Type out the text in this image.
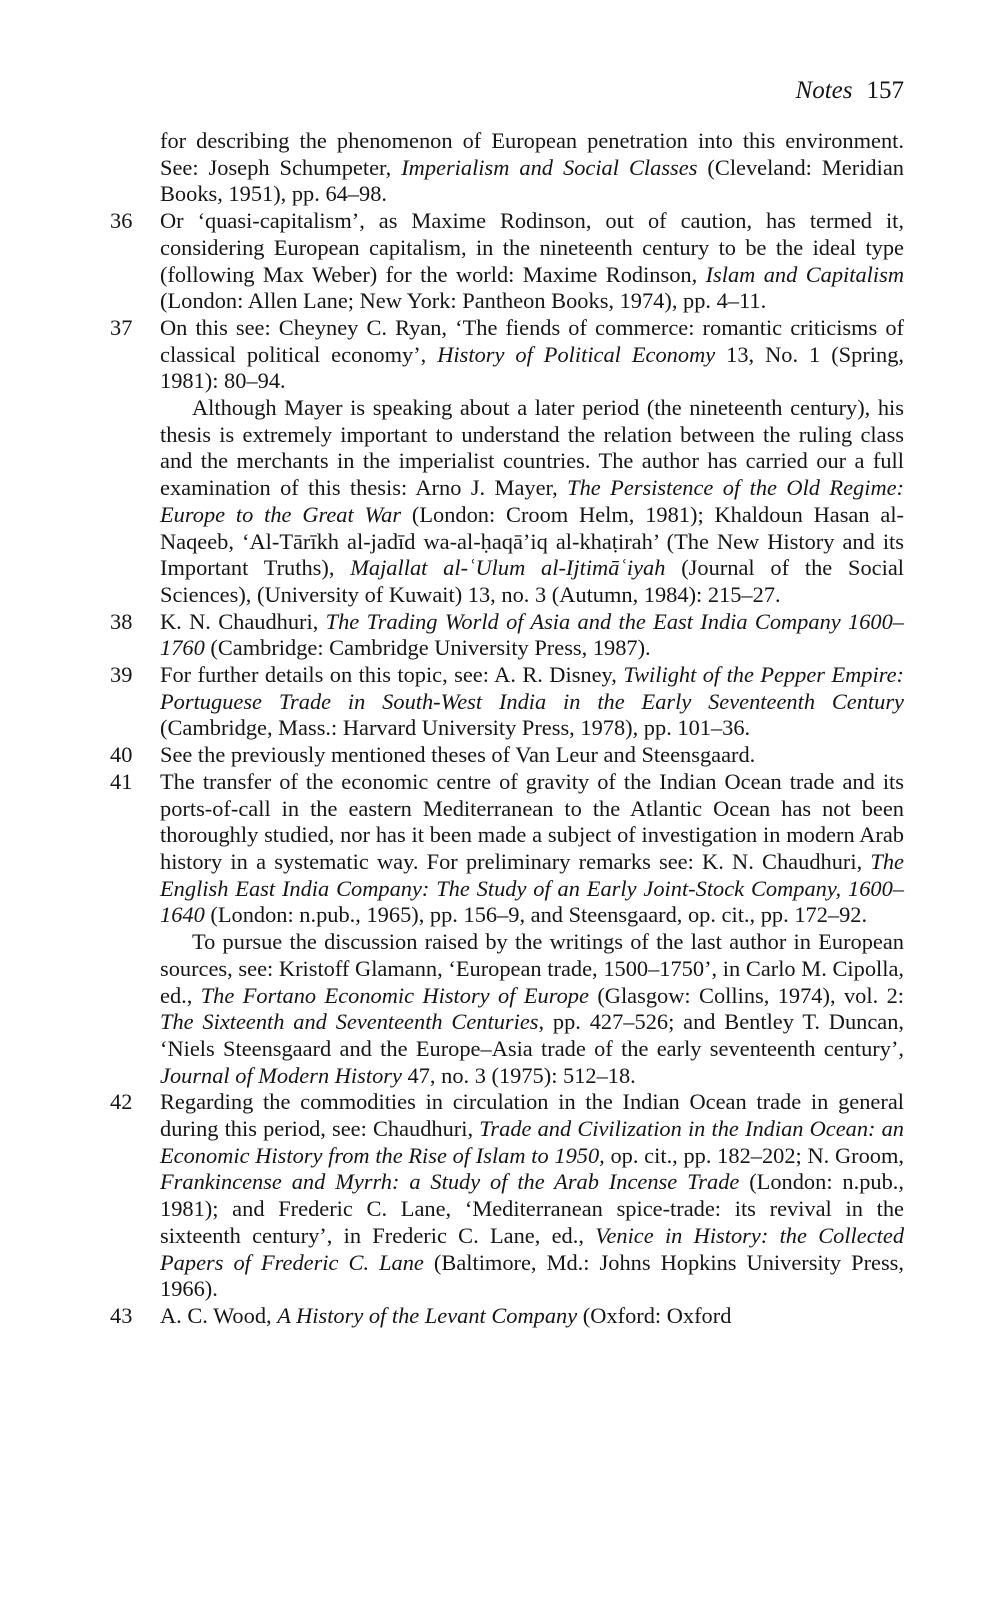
Notes 157
for describing the phenomenon of European penetration into this environment. See: Joseph Schumpeter, Imperialism and Social Classes (Cleveland: Meridian Books, 1951), pp. 64–98.
36	Or ‘quasi-capitalism’, as Maxime Rodinson, out of caution, has termed it, considering European capitalism, in the nineteenth century to be the ideal type (following Max Weber) for the world: Maxime Rodinson, Islam and Capitalism (London: Allen Lane; New York: Pantheon Books, 1974), pp. 4–11.
37	On this see: Cheyney C. Ryan, ‘The fiends of commerce: romantic criticisms of classical political economy’, History of Political Economy 13, No. 1 (Spring, 1981): 80–94.
Although Mayer is speaking about a later period (the nineteenth century), his thesis is extremely important to understand the relation between the ruling class and the merchants in the imperialist countries. The author has carried our a full examination of this thesis: Arno J. Mayer, The Persistence of the Old Regime: Europe to the Great War (London: Croom Helm, 1981); Khaldoun Hasan al-Naqeeb, ‘Al-Tārīkh al-jadīd wa-al-ḥaqā’iq al-khaṭirah’ (The New History and its Important Truths), Majallat al-ʿUlum al-Ijtimāʿiyah (Journal of the Social Sciences), (University of Kuwait) 13, no. 3 (Autumn, 1984): 215–27.
38	K. N. Chaudhuri, The Trading World of Asia and the East India Company 1600–1760 (Cambridge: Cambridge University Press, 1987).
39	For further details on this topic, see: A. R. Disney, Twilight of the Pepper Empire: Portuguese Trade in South-West India in the Early Seventeenth Century (Cambridge, Mass.: Harvard University Press, 1978), pp. 101–36.
40	See the previously mentioned theses of Van Leur and Steensgaard.
41	The transfer of the economic centre of gravity of the Indian Ocean trade and its ports-of-call in the eastern Mediterranean to the Atlantic Ocean has not been thoroughly studied, nor has it been made a subject of investigation in modern Arab history in a systematic way. For preliminary remarks see: K. N. Chaudhuri, The English East India Company: The Study of an Early Joint-Stock Company, 1600–1640 (London: n.pub., 1965), pp. 156–9, and Steensgaard, op. cit., pp. 172–92.
To pursue the discussion raised by the writings of the last author in European sources, see: Kristoff Glamann, ‘European trade, 1500–1750’, in Carlo M. Cipolla, ed., The Fortano Economic History of Europe (Glasgow: Collins, 1974), vol. 2: The Sixteenth and Seventeenth Centuries, pp. 427–526; and Bentley T. Duncan, ‘Niels Steensgaard and the Europe–Asia trade of the early seventeenth century’, Journal of Modern History 47, no. 3 (1975): 512–18.
42	Regarding the commodities in circulation in the Indian Ocean trade in general during this period, see: Chaudhuri, Trade and Civilization in the Indian Ocean: an Economic History from the Rise of Islam to 1950, op. cit., pp. 182–202; N. Groom, Frankincense and Myrrh: a Study of the Arab Incense Trade (London: n.pub., 1981); and Frederic C. Lane, ‘Mediterranean spice-trade: its revival in the sixteenth century’, in Frederic C. Lane, ed., Venice in History: the Collected Papers of Frederic C. Lane (Baltimore, Md.: Johns Hopkins University Press, 1966).
43	A. C. Wood, A History of the Levant Company (Oxford: Oxford
